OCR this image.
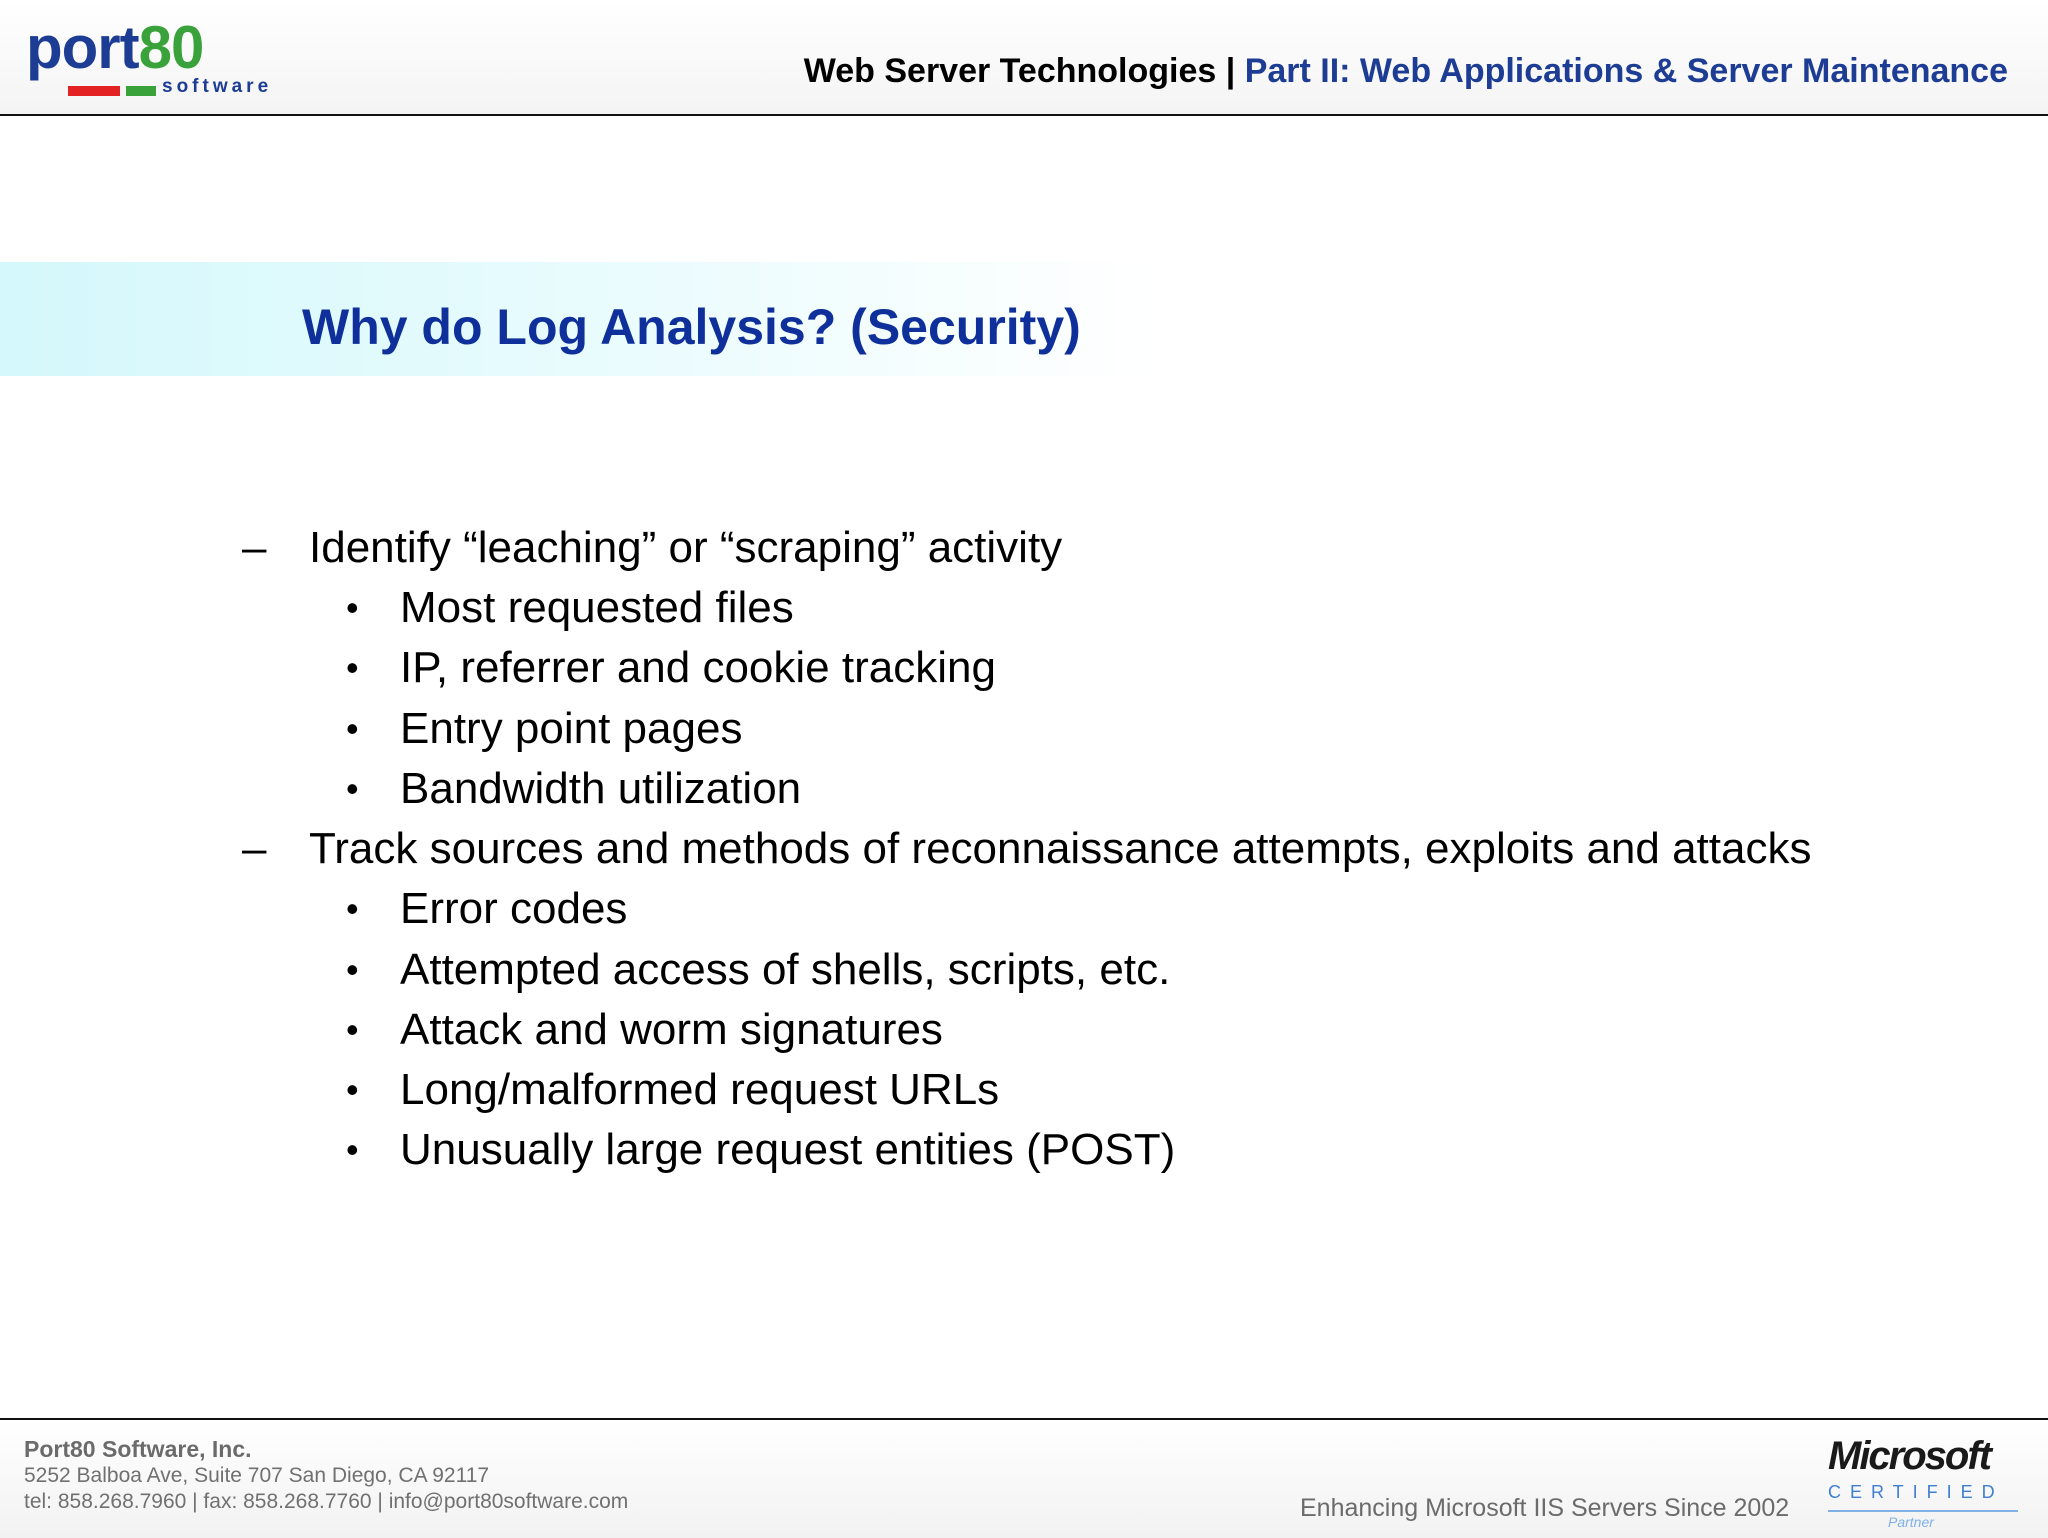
port80
software	Web Server Technologies | Part II: Web Applications & Server Maintenance
Why do Log Analysis? (Security)
– Identify “leaching” or “scraping” activity
• Most requested files
• IP, referrer and cookie tracking
• Entry point pages
• Bandwidth utilization
– Track sources and methods of reconnaissance attempts, exploits and attacks
• Error codes
• Attempted access of shells, scripts, etc.
• Attack and worm signatures
• Long/malformed request URLs
• Unusually large request entities (POST)
Port80 Software, Inc.
5252 Balboa Ave, Suite 707 San Diego, CA 92117
tel: 858.268.7960 | fax: 858.268.7760 | info@port80software.com	Enhancing Microsoft IIS Servers Since 2002
Microsoft
CERTIFIED
Partner
